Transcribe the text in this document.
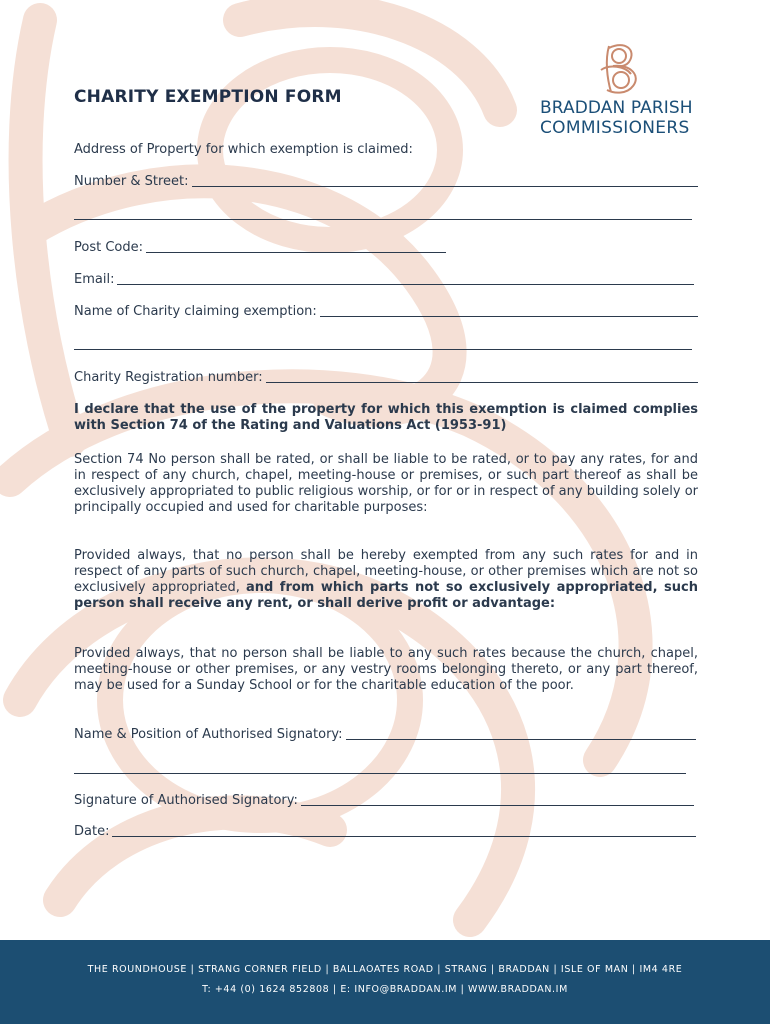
BRADDAN PARISH
COMMISSIONERS
CHARITY EXEMPTION FORM
Address of Property for which exemption is claimed:
Number & Street:
Post Code:
Email:
Name of Charity claiming exemption:
Charity Registration number:
I declare that the use of the property for which this exemption is claimed complies with Section 74 of the Rating and Valuations Act (1953-91)
Section 74 No person shall be rated, or shall be liable to be rated, or to pay any rates, for and in respect of any church, chapel, meeting-house or premises, or such part thereof as shall be exclusively appropriated to public religious worship, or for or in respect of any building solely or principally occupied and used for charitable purposes:
Provided always, that no person shall be hereby exempted from any such rates for and in respect of any parts of such church, chapel, meeting-house, or other premises which are not so exclusively appropriated, and from which parts not so exclusively appropriated, such person shall receive any rent, or shall derive profit or advantage:
Provided always, that no person shall be liable to any such rates because the church, chapel, meeting-house or other premises, or any vestry rooms belonging thereto, or any part thereof, may be used for a Sunday School or for the charitable education of the poor.
Name & Position of Authorised Signatory:
Signature of Authorised Signatory:
Date:
THE ROUNDHOUSE | STRANG CORNER FIELD | BALLAOATES ROAD | STRANG | BRADDAN | ISLE OF MAN | IM4 4RE
T: +44 (0) 1624 852808 | E: INFO@BRADDAN.IM | WWW.BRADDAN.IM
